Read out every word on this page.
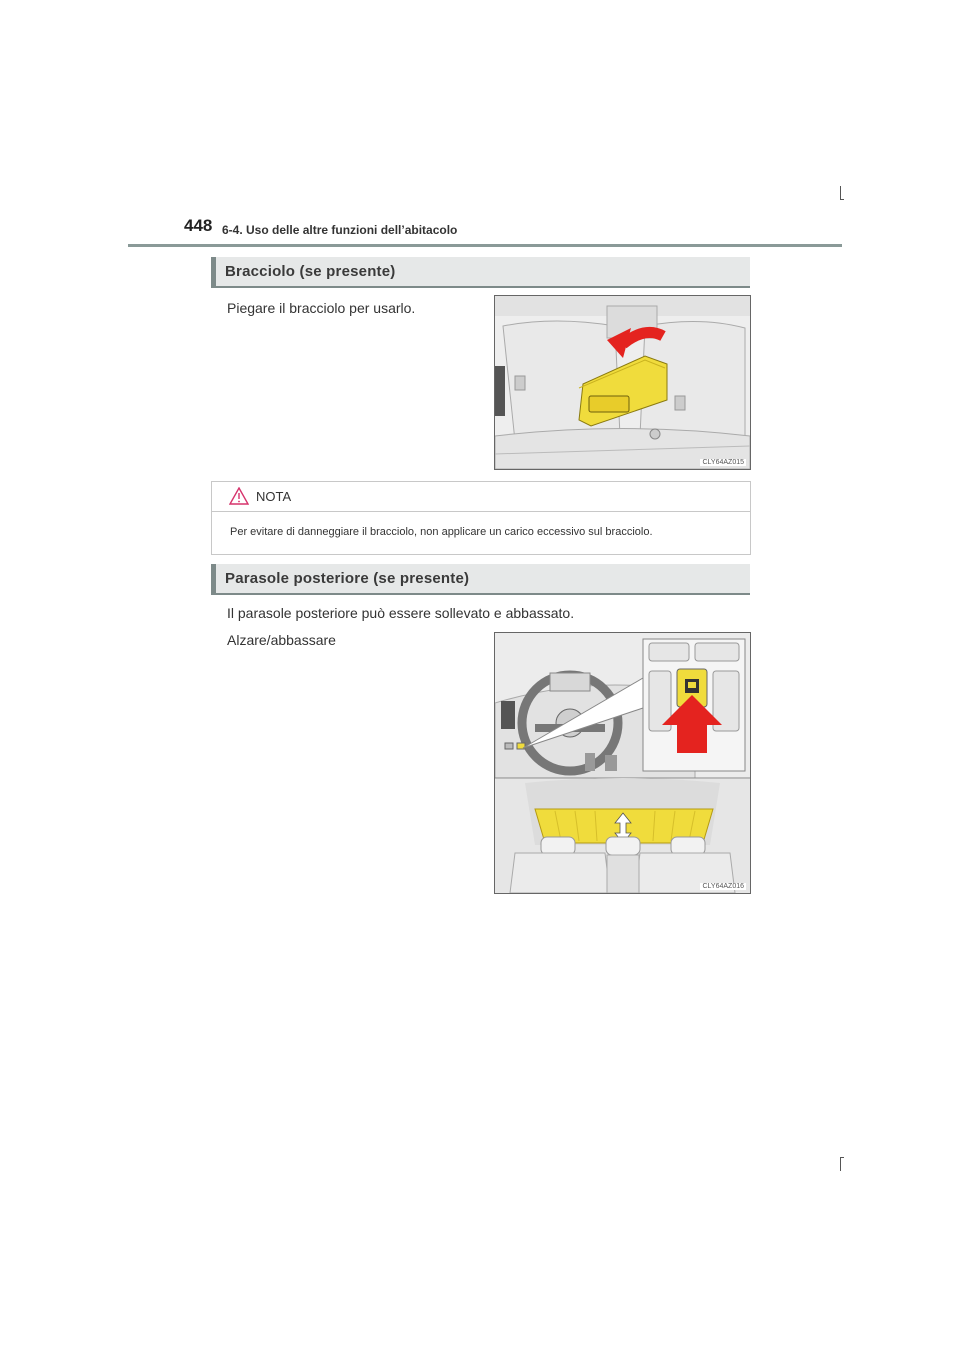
448 6-4. Uso delle altre funzioni dell’abitacolo
Bracciolo (se presente)
Piegare il bracciolo per usarlo.
CLY64AZ015
NOTA
Per evitare di danneggiare il bracciolo, non applicare un carico eccessivo sul bracciolo.
Parasole posteriore (se presente)
Il parasole posteriore può essere sollevato e abbassato.
Alzare/abbassare
CLY64AZ016
